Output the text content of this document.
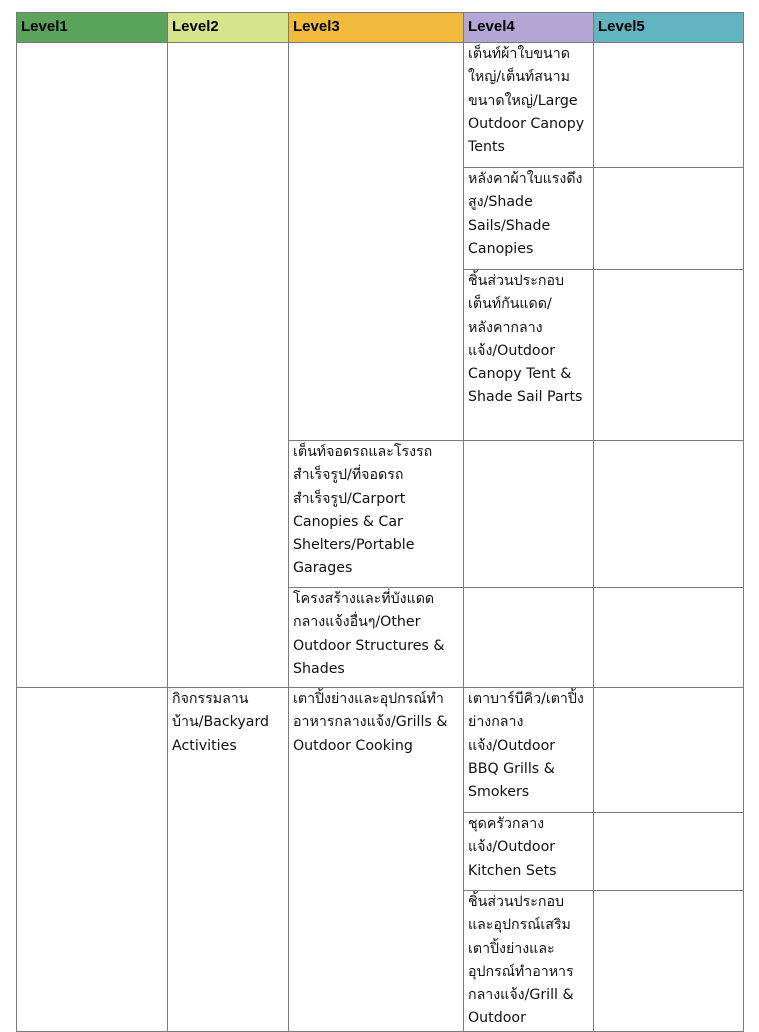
Level1	Level2	Level3	Level4	Level5

			เต็นท์ผ้าใบขนาดใหญ่/เต็นท์สนามขนาดใหญ่/Large Outdoor Canopy Tents	

			หลังคาผ้าใบแรงดึงสูง/Shade Sails/Shade Canopies	

			ชิ้นส่วนประกอบเต็นท์กันแดด/หลังคากลางแจ้ง/Outdoor Canopy Tent & Shade Sail Parts	

		เต็นท์จอดรถและโรงรถสำเร็จรูป/ที่จอดรถสำเร็จรูป/Carport Canopies & Car Shelters/Portable Garages		

		โครงสร้างและที่บังแดดกลางแจ้งอื่นๆ/Other Outdoor Structures & Shades		

	กิจกรรมลานบ้าน/Backyard Activities	เตาปิ้งย่างและอุปกรณ์ทำอาหารกลางแจ้ง/Grills & Outdoor Cooking	เตาบาร์บีคิว/เตาปิ้งย่างกลางแจ้ง/Outdoor BBQ Grills & Smokers	

			ชุดครัวกลางแจ้ง/Outdoor Kitchen Sets	

			ชิ้นส่วนประกอบและอุปกรณ์เสริมเตาปิ้งย่างและอุปกรณ์ทำอาหารกลางแจ้ง/Grill & Outdoor	
